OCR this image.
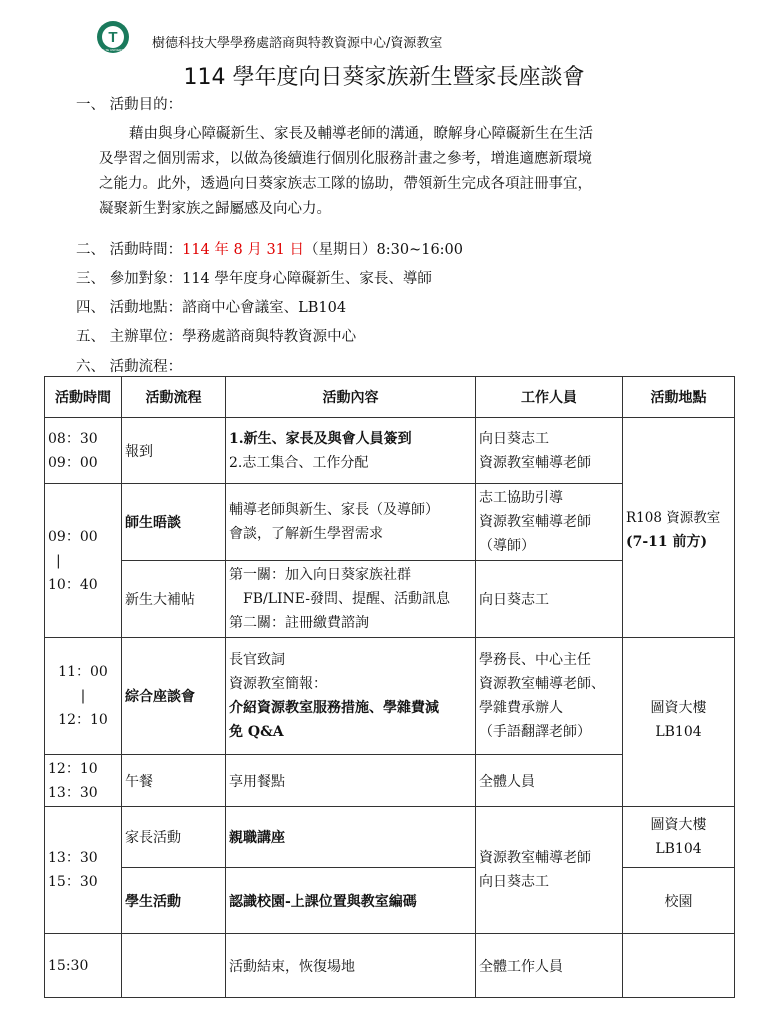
T
SHU-TE UNIVERSITY 樹德科技大學學務處諮商與特教資源中心/資源教室
114 學年度向日葵家族新生暨家長座談會
一、 活動目的：
藉由與身心障礙新生、家長及輔導老師的溝通，瞭解身心障礙新生在生活
及學習之個別需求，以做為後續進行個別化服務計畫之參考，增進適應新環境
之能力。此外，透過向日葵家族志工隊的協助，帶領新生完成各項註冊事宜，
凝聚新生對家族之歸屬感及向心力。
二、 活動時間：114 年 8 月 31 日（星期日）8:30~16:00
三、 參加對象：114 學年度身心障礙新生、家長、導師
四、 活動地點：諮商中心會議室、LB104
五、 主辦單位：學務處諮商與特教資源中心
六、 活動流程：
活動時間	活動流程	活動內容	工作人員	活動地點

08：30
09：00	報到	1.新生、家長及與會人員簽到
2.志工集合、工作分配	向日葵志工
資源教室輔導老師	R108 資源教室
(7-11 前方)

09：00
|
10：40	師生晤談	輔導老師與新生、家長（及導師）
會談，了解新生學習需求	志工協助引導
資源教室輔導老師
（導師）	

	新生大補帖	第一關：加入向日葵家族社群
FB/LINE-發問、提醒、活動訊息
第二關：註冊繳費諮詢	向日葵志工	

11：00
|
12：10	綜合座談會	長官致詞
資源教室簡報：
介紹資源教室服務措施、學雜費減
免 Q&A	學務長、中心主任
資源教室輔導老師、
學雜費承辦人
（手語翻譯老師）	圖資大樓
LB104

12：10
13：30	午餐	享用餐點	全體人員	

13：30
15：30	家長活動	親職講座	資源教室輔導老師
向日葵志工	圖資大樓
LB104

	學生活動	認識校園-上課位置與教室編碼		校園
15:30		活動結束，恢復場地	全體工作人員	
